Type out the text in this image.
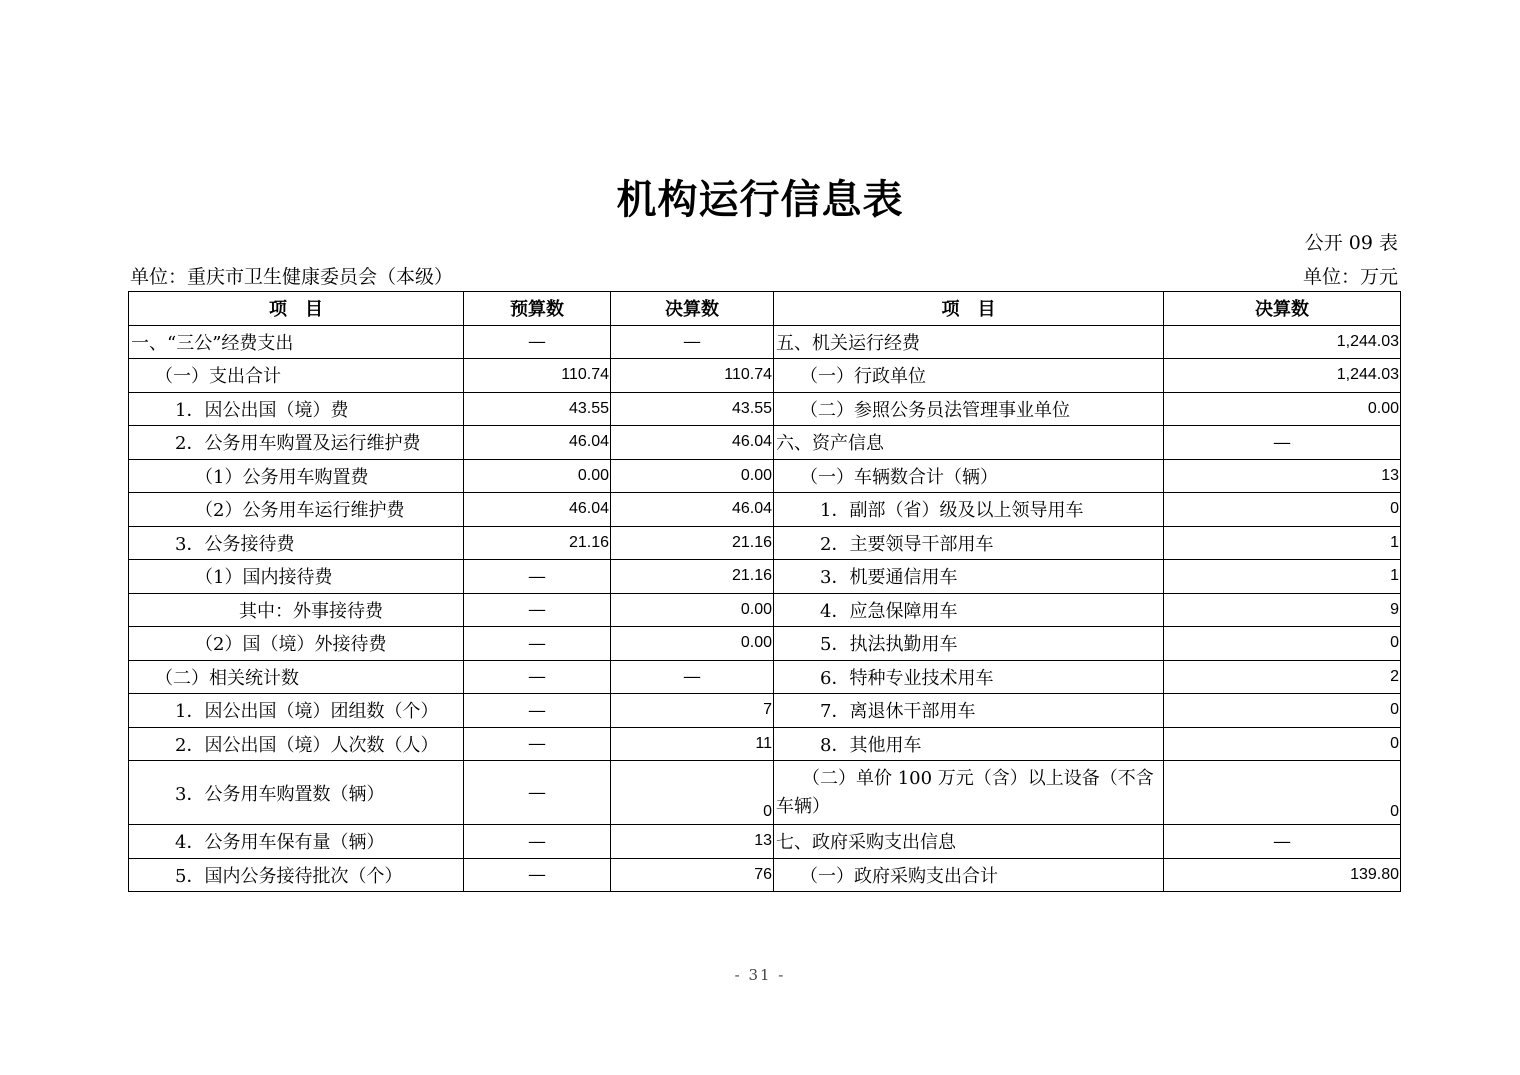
机构运行信息表
公开 09 表
单位：重庆市卫生健康委员会（本级）	单位：万元
项　目	预算数	决算数	项　目	决算数
一、“三公”经费支出	—	—	五、机关运行经费	1,244.03
（一）支出合计	110.74	110.74	（一）行政单位	1,244.03
1．因公出国（境）费	43.55	43.55	（二）参照公务员法管理事业单位	0.00
2．公务用车购置及运行维护费	46.04	46.04	六、资产信息	—
（1）公务用车购置费	0.00	0.00	（一）车辆数合计（辆）	13
（2）公务用车运行维护费	46.04	46.04	1．副部（省）级及以上领导用车	0
3．公务接待费	21.16	21.16	2．主要领导干部用车	1
（1）国内接待费	—	21.16	3．机要通信用车	1
其中：外事接待费	—	0.00	4．应急保障用车	9
（2）国（境）外接待费	—	0.00	5．执法执勤用车	0
（二）相关统计数	—	—	6．特种专业技术用车	2
1．因公出国（境）团组数（个）	—	7	7．离退休干部用车	0
2．因公出国（境）人次数（人）	—	11	8．其他用车	0
3．公务用车购置数（辆）	—	0	（二）单价 100 万元（含）以上设备（不含车辆）	0
4．公务用车保有量（辆）	—	13	七、政府采购支出信息	—
5．国内公务接待批次（个）	—	76	（一）政府采购支出合计	139.80
- 31 -
